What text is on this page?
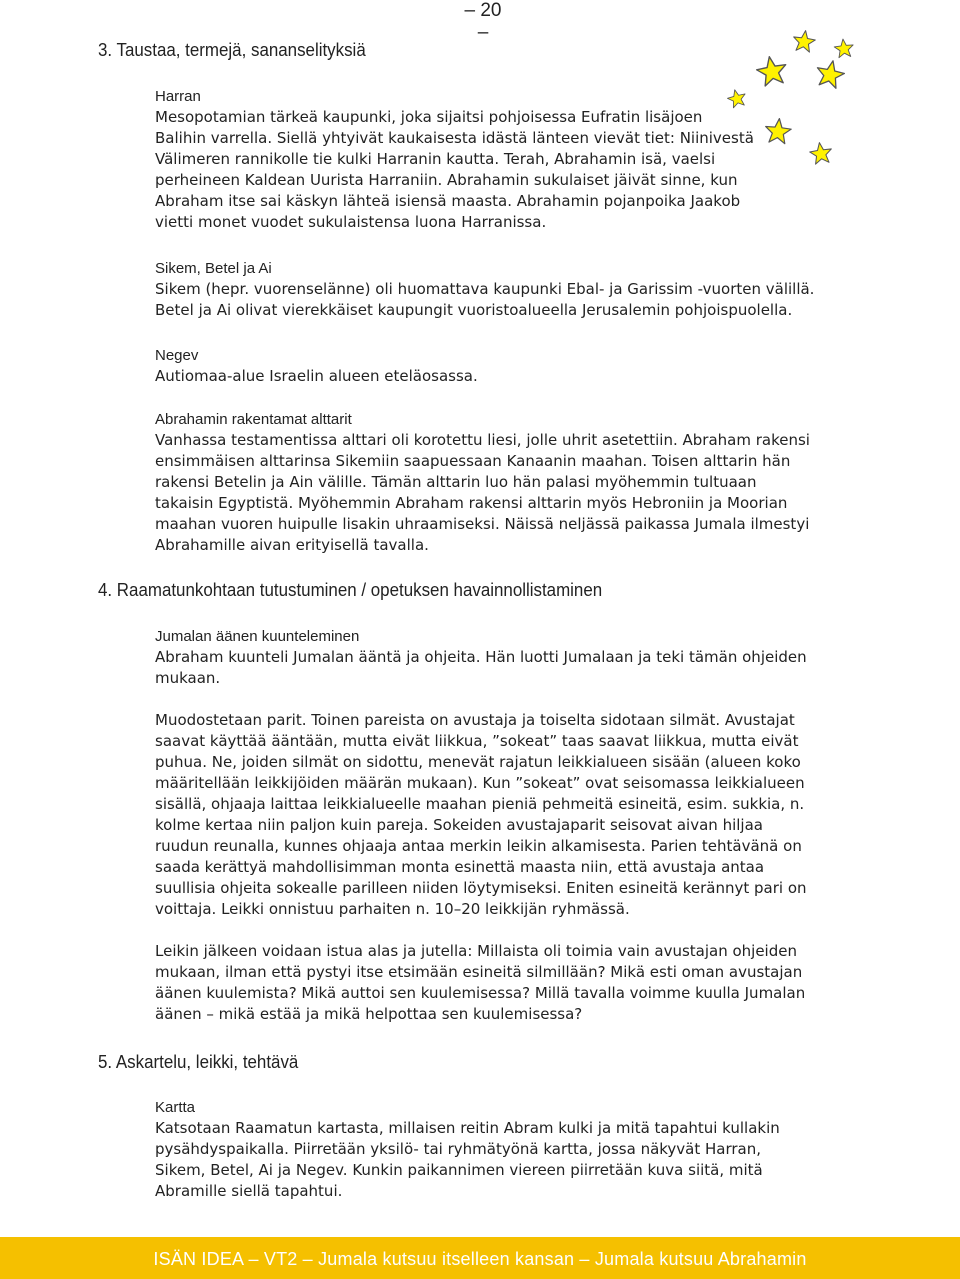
– 20 –
3. Taustaa, termejä, sananselityksiä
Harran

Mesopotamian tärkeä kaupunki, joka sijaitsi pohjoisessa Eufratin lisäjoen Balihin varrella. Siellä yhtyivät kaukaisesta idästä länteen vievät tiet: Niinivestä Välimeren rannikolle tie kulki Harranin kautta. Terah, Abrahamin isä, vaelsi perheineen Kaldean Uurista Harraniin. Abrahamin sukulaiset jäivät sinne, kun Abraham itse sai käskyn lähteä isiensä maasta. Abrahamin pojanpoika Jaakob vietti monet vuodet sukulaistensa luona Harranissa.

Sikem, Betel ja Ai

Sikem (hepr. vuorenselänne) oli huomattava kaupunki Ebal- ja Garissim -vuorten välillä. Betel ja Ai olivat vierekkäiset kaupungit vuoristoalueella Jerusalemin pohjoispuolella.

Negev

Autiomaa-alue Israelin alueen eteläosassa.

Abrahamin rakentamat alttarit

Vanhassa testamentissa alttari oli korotettu liesi, jolle uhrit asetettiin. Abraham rakensi ensimmäisen alttarinsa Sikemiin saapuessaan Kanaanin maahan. Toisen alttarin hän rakensi Betelin ja Ain välille. Tämän alttarin luo hän palasi myöhemmin tultuaan takaisin Egyptistä. Myöhemmin Abraham rakensi alttarin myös Hebroniin ja Moorian maahan vuoren huipulle lisakin uhraamiseksi. Näissä neljässä paikassa Jumala ilmestyi Abrahamille aivan erityisellä tavalla.

4. Raamatunkohtaan tutustuminen / opetuksen havainnollistaminen
Jumalan äänen kuunteleminen

Abraham kuunteli Jumalan ääntä ja ohjeita. Hän luotti Jumalaan ja teki tämän ohjeiden mukaan.

Muodostetaan parit. Toinen pareista on avustaja ja toiselta sidotaan silmät. Avustajat saavat käyttää ääntään, mutta eivät liikkua, ”sokeat” taas saavat liikkua, mutta eivät puhua. Ne, joiden silmät on sidottu, menevät rajatun leikkialueen sisään (alueen koko määritellään leikkijöiden määrän mukaan). Kun ”sokeat” ovat seisomassa leikkialueen sisällä, ohjaaja laittaa leikkialueelle maahan pieniä pehmeitä esineitä, esim. sukkia, n. kolme kertaa niin paljon kuin pareja. Sokeiden avustajaparit seisovat aivan hiljaa ruudun reunalla, kunnes ohjaaja antaa merkin leikin alkamisesta. Parien tehtävänä on saada kerättyä mahdollisimman monta esinettä maasta niin, että avustaja antaa suullisia ohjeita sokealle parilleen niiden löytymiseksi. Eniten esineitä kerännyt pari on voittaja. Leikki onnistuu parhaiten n. 10–20 leikkijän ryhmässä.

Leikin jälkeen voidaan istua alas ja jutella: Millaista oli toimia vain avustajan ohjeiden mukaan, ilman että pystyi itse etsimään esineitä silmillään? Mikä esti oman avustajan äänen kuulemista? Mikä auttoi sen kuulemisessa? Millä tavalla voimme kuulla Jumalan äänen – mikä estää ja mikä helpottaa sen kuulemisessa?

5. Askartelu, leikki, tehtävä
Kartta

Katsotaan Raamatun kartasta, millaisen reitin Abram kulki ja mitä tapahtui kullakin pysähdyspaikalla. Piirretään yksilö- tai ryhmätyönä kartta, jossa näkyvät Harran, Sikem, Betel, Ai ja Negev. Kunkin paikannimen viereen piirretään kuva siitä, mitä Abramille siellä tapahtui.

ISÄN IDEA – VT2 – Jumala kutsuu itselleen kansan – Jumala kutsuu Abrahamin
